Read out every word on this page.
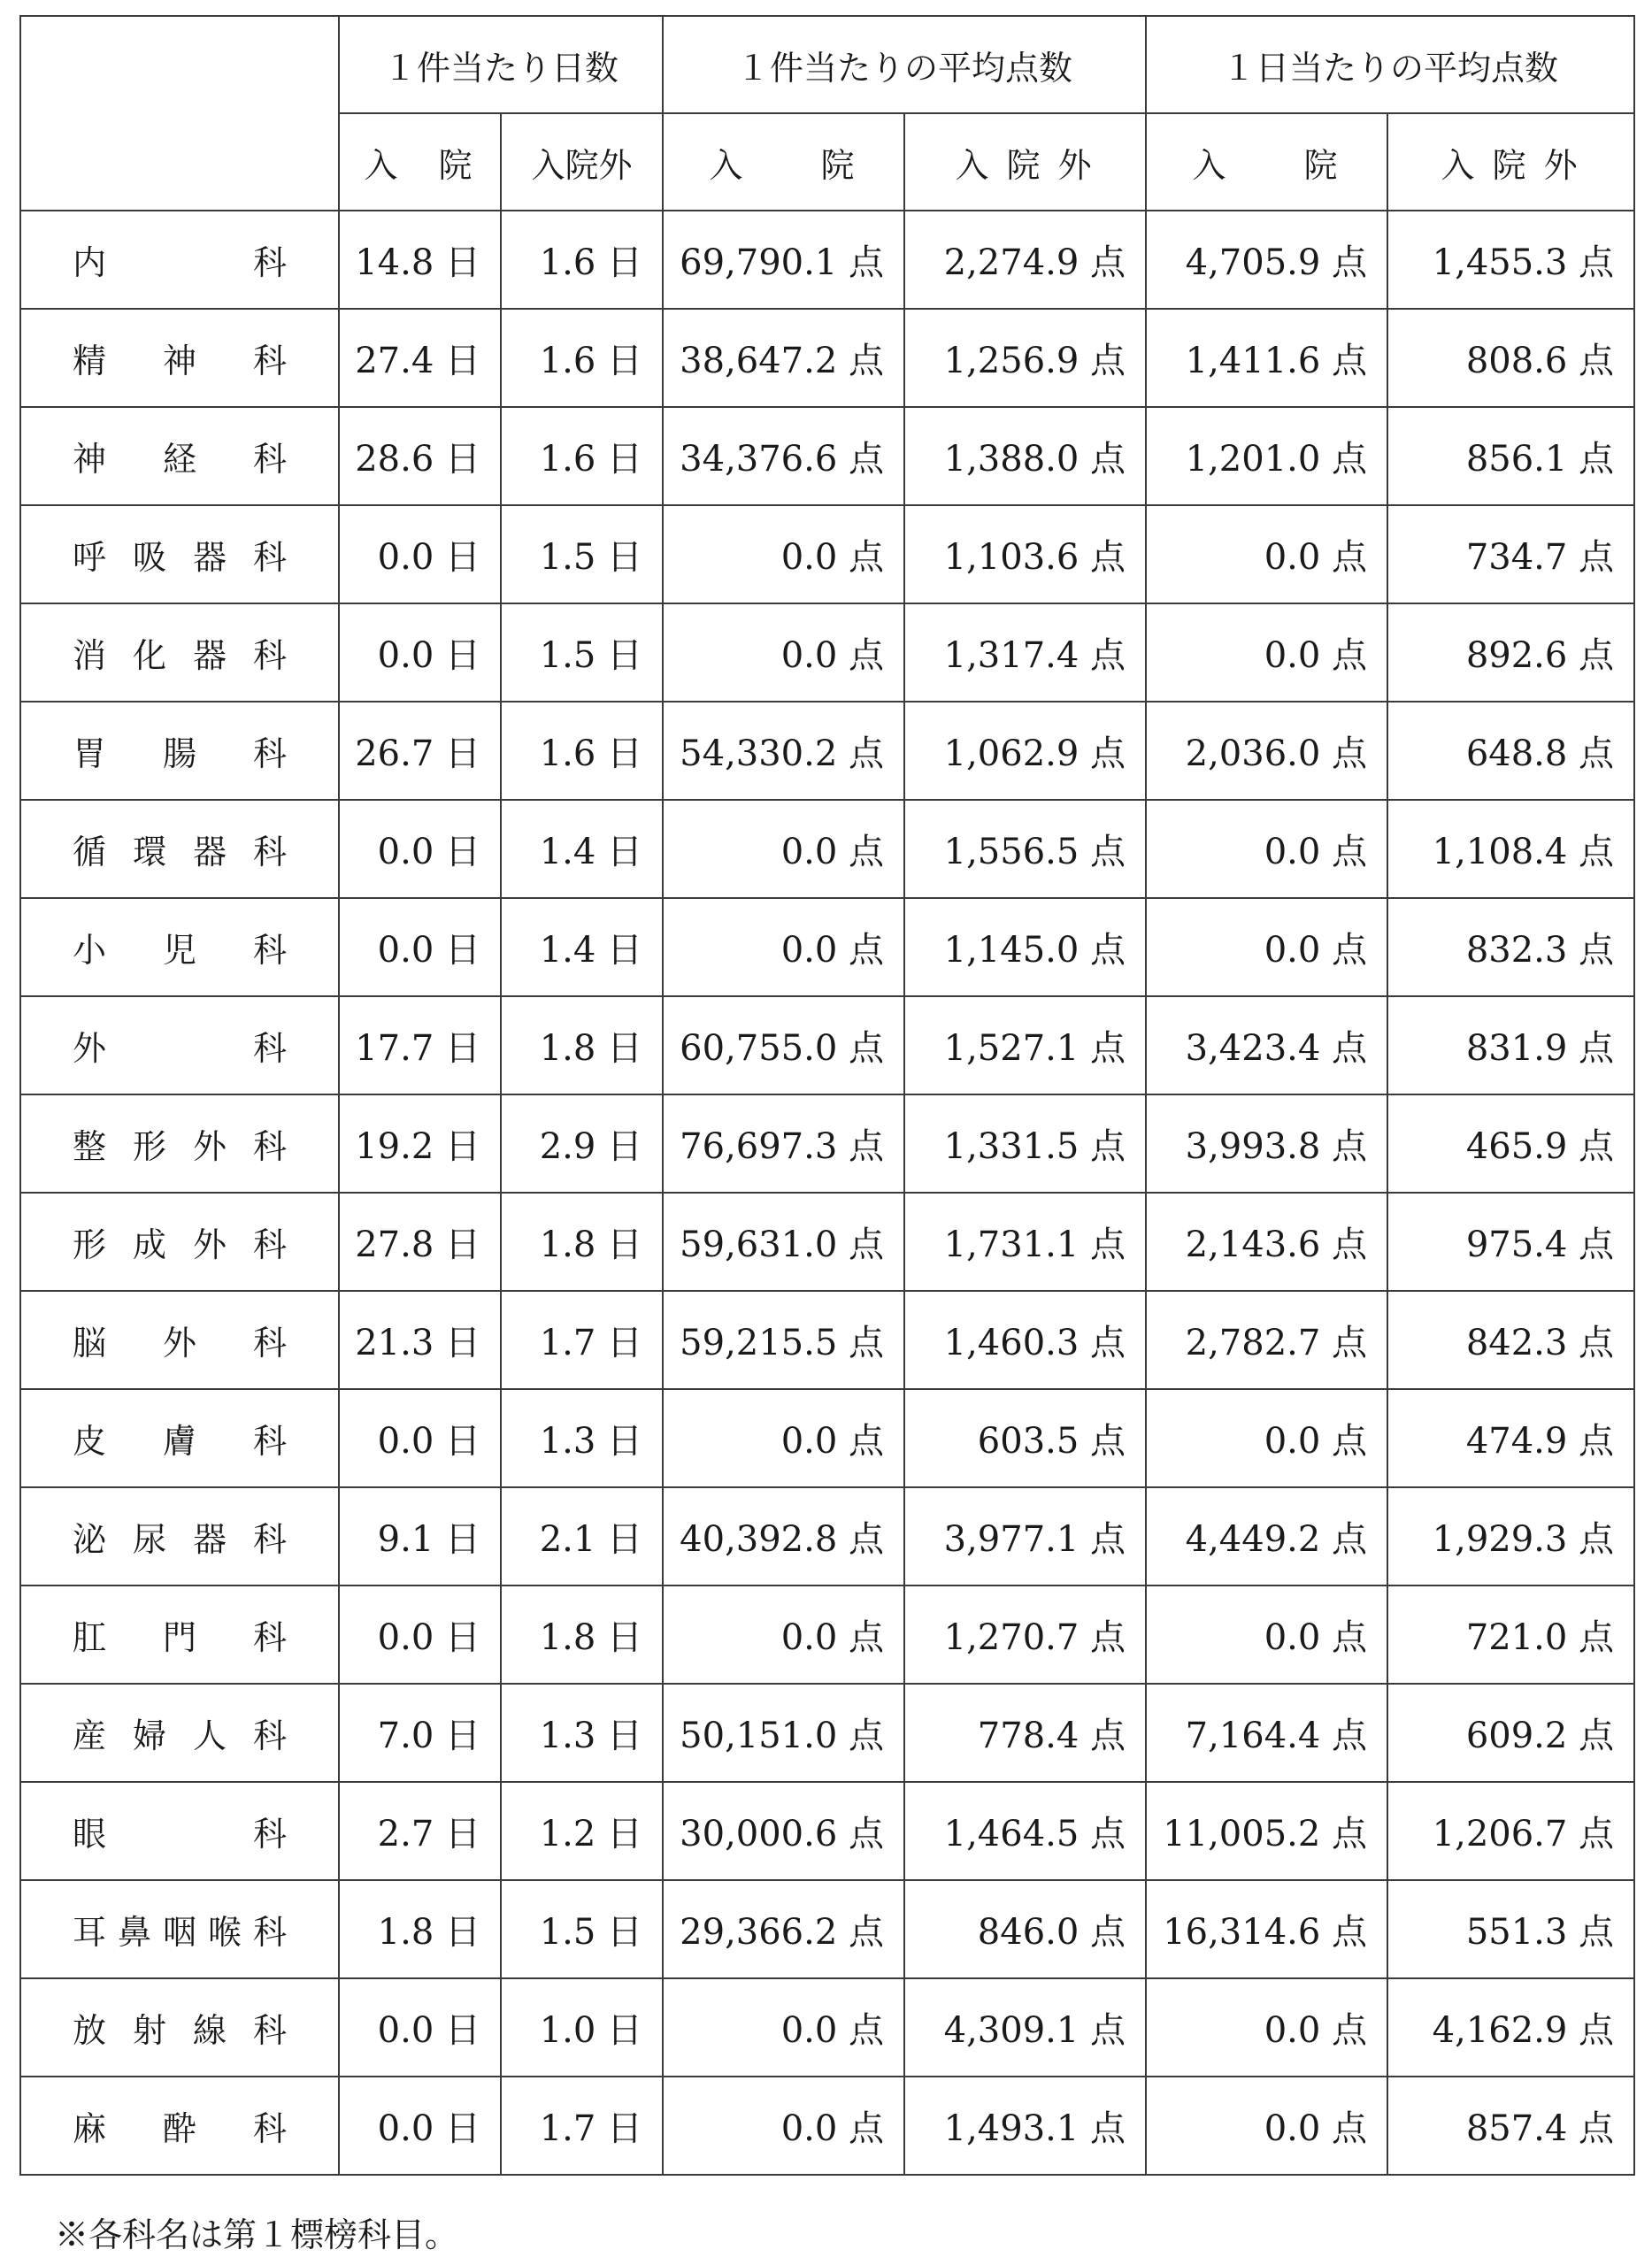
	１件当たり日数		１件当たりの平均点数		１日当たりの平均点数	
	入　院	入院外	入　　院	入 院 外	入　　院	入 院 外
内科	14.8 日	1.6 日	69,790.1 点	2,274.9 点	4,705.9 点	1,455.3 点
精神科	27.4 日	1.6 日	38,647.2 点	1,256.9 点	1,411.6 点	808.6 点
神経科	28.6 日	1.6 日	34,376.6 点	1,388.0 点	1,201.0 点	856.1 点
呼吸器科	0.0 日	1.5 日	0.0 点	1,103.6 点	0.0 点	734.7 点
消化器科	0.0 日	1.5 日	0.0 点	1,317.4 点	0.0 点	892.6 点
胃腸科	26.7 日	1.6 日	54,330.2 点	1,062.9 点	2,036.0 点	648.8 点
循環器科	0.0 日	1.4 日	0.0 点	1,556.5 点	0.0 点	1,108.4 点
小児科	0.0 日	1.4 日	0.0 点	1,145.0 点	0.0 点	832.3 点
外科	17.7 日	1.8 日	60,755.0 点	1,527.1 点	3,423.4 点	831.9 点
整形外科	19.2 日	2.9 日	76,697.3 点	1,331.5 点	3,993.8 点	465.9 点
形成外科	27.8 日	1.8 日	59,631.0 点	1,731.1 点	2,143.6 点	975.4 点
脳外科	21.3 日	1.7 日	59,215.5 点	1,460.3 点	2,782.7 点	842.3 点
皮膚科	0.0 日	1.3 日	0.0 点	603.5 点	0.0 点	474.9 点
泌尿器科	9.1 日	2.1 日	40,392.8 点	3,977.1 点	4,449.2 点	1,929.3 点
肛門科	0.0 日	1.8 日	0.0 点	1,270.7 点	0.0 点	721.0 点
産婦人科	7.0 日	1.3 日	50,151.0 点	778.4 点	7,164.4 点	609.2 点
眼科	2.7 日	1.2 日	30,000.6 点	1,464.5 点	11,005.2 点	1,206.7 点
耳鼻咽喉科	1.8 日	1.5 日	29,366.2 点	846.0 点	16,314.6 点	551.3 点
放射線科	0.0 日	1.0 日	0.0 点	4,309.1 点	0.0 点	4,162.9 点
麻酔科	0.0 日	1.7 日	0.0 点	1,493.1 点	0.0 点	857.4 点
※各科名は第１標榜科目。
